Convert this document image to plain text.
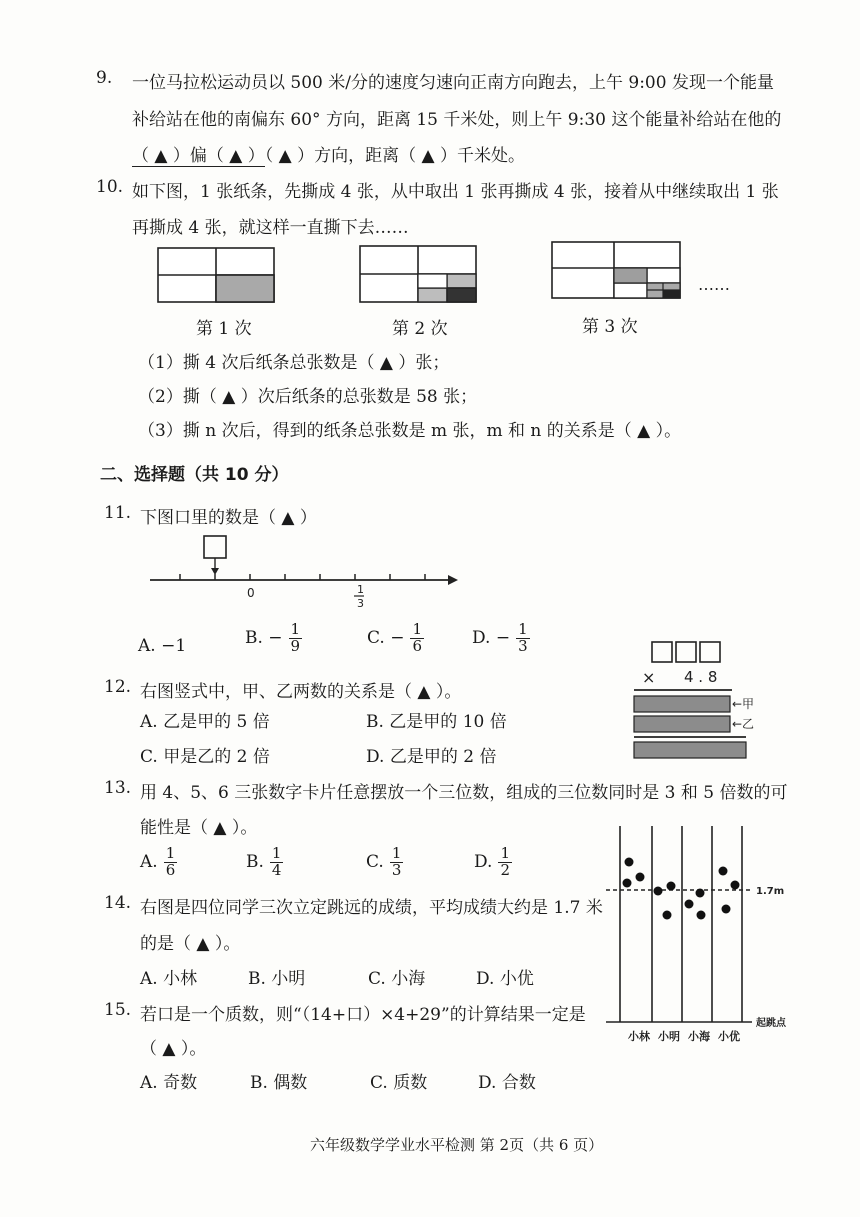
9. 一位马拉松运动员以 500 米/分的速度匀速向正南方向跑去，上午 9:00 发现一个能量
补给站在他的南偏东 60° 方向，距离 15 千米处，则上午 9:30 这个能量补给站在他的
（ ▲ ）偏（ ▲ ）（ ▲ ）方向，距离（ ▲ ）千米处。
10. 如下图，1 张纸条，先撕成 4 张，从中取出 1 张再撕成 4 张，接着从中继续取出 1 张
再撕成 4 张，就这样一直撕下去……
……
第 1 次	第 2 次	第 3 次
（1）撕 4 次后纸条总张数是（ ▲ ）张；
（2）撕（ ▲ ）次后纸条的总张数是 58 张；
（3）撕 n 次后，得到的纸条总张数是 m 张，m 和 n 的关系是（ ▲ ）。
二、选择题（共 10 分）
11. 下图口里的数是（ ▲ ）
0	1
3
A. −1	B. − $\frac{1}{9}$	C. − $\frac{1}{6}$	D. − $\frac{1}{3}$
12. 右图竖式中，甲、乙两数的关系是（ ▲ ）。
A. 乙是甲的 5 倍	B. 乙是甲的 10 倍
C. 甲是乙的 2 倍	D. 乙是甲的 2 倍
× 4 . 8
←甲
←乙
13. 用 4、5、6 三张数字卡片任意摆放一个三位数，组成的三位数同时是 3 和 5 倍数的可
能性是（ ▲ ）。
A. $\frac{1}{6}$	B. $\frac{1}{4}$	C. $\frac{1}{3}$	D. $\frac{1}{2}$
14. 右图是四位同学三次立定跳远的成绩，平均成绩大约是 1.7 米
的是（ ▲ ）。
A. 小林	B. 小明	C. 小海	D. 小优
1.7m
起跳点
小林 小明 小海 小优
15. 若口是一个质数，则“（14+口）×4+29”的计算结果一定是
（ ▲ ）。
A. 奇数	B. 偶数	C. 质数	D. 合数
六年级数学学业水平检测 第 2页（共 6 页）
